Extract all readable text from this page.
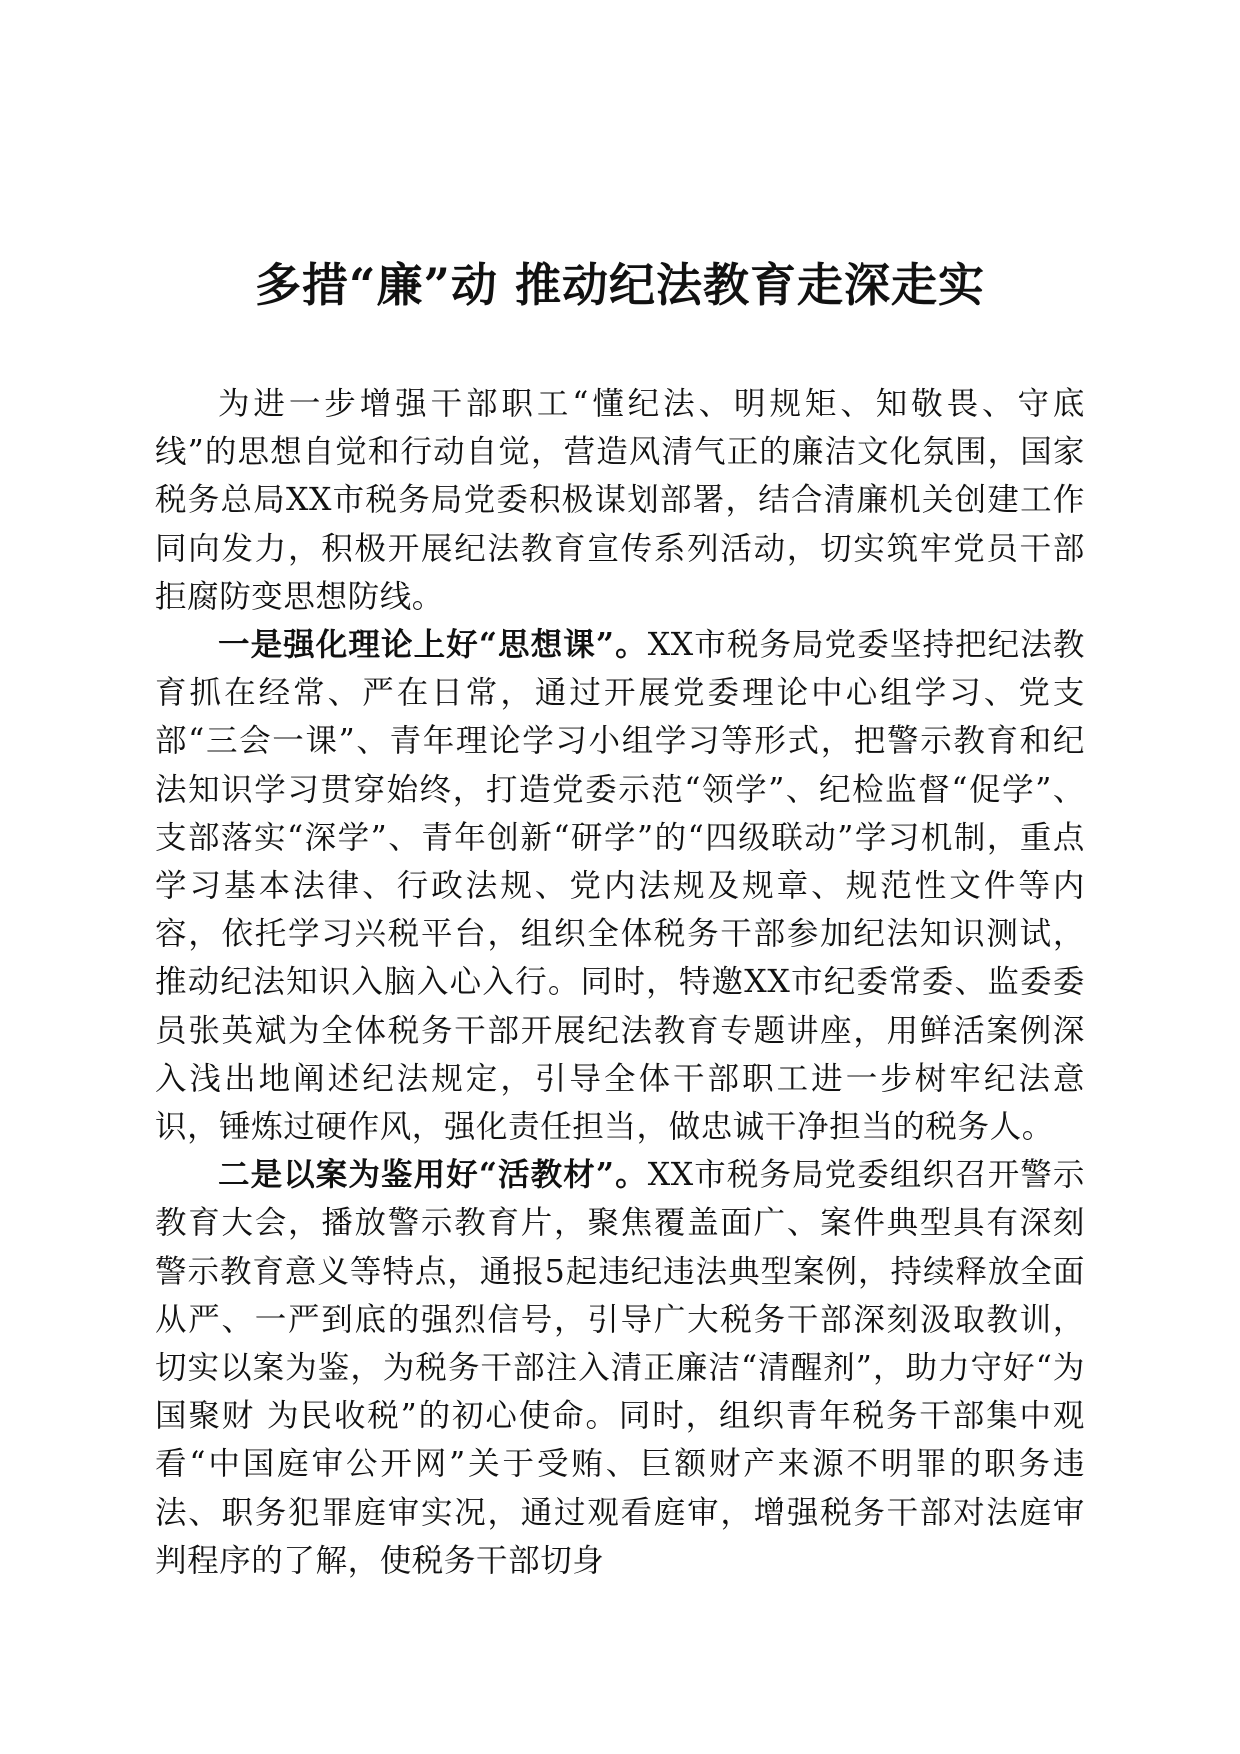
多措“廉”动 推动纪法教育走深走实

为进一步增强干部职工“懂纪法、明规矩、知敬畏、守底线”的思想自觉和行动自觉，营造风清气正的廉洁文化氛围，国家税务总局XX市税务局党委积极谋划部署，结合清廉机关创建工作同向发力，积极开展纪法教育宣传系列活动，切实筑牢党员干部拒腐防变思想防线。

一是强化理论上好“思想课”。XX市税务局党委坚持把纪法教育抓在经常、严在日常，通过开展党委理论中心组学习、党支部“三会一课”、青年理论学习小组学习等形式，把警示教育和纪法知识学习贯穿始终，打造党委示范“领学”、纪检监督“促学”、支部落实“深学”、青年创新“研学”的“四级联动”学习机制，重点学习基本法律、行政法规、党内法规及规章、规范性文件等内容，依托学习兴税平台，组织全体税务干部参加纪法知识测试，推动纪法知识入脑入心入行。同时，特邀XX市纪委常委、监委委员张英斌为全体税务干部开展纪法教育专题讲座，用鲜活案例深入浅出地阐述纪法规定，引导全体干部职工进一步树牢纪法意识，锤炼过硬作风，强化责任担当，做忠诚干净担当的税务人。

二是以案为鉴用好“活教材”。XX市税务局党委组织召开警示教育大会，播放警示教育片，聚焦覆盖面广、案件典型具有深刻警示教育意义等特点，通报5起违纪违法典型案例，持续释放全面从严、一严到底的强烈信号，引导广大税务干部深刻汲取教训，切实以案为鉴，为税务干部注入清正廉洁“清醒剂”，助力守好“为国聚财 为民收税”的初心使命。同时，组织青年税务干部集中观看“中国庭审公开网”关于受贿、巨额财产来源不明罪的职务违法、职务犯罪庭审实况，通过观看庭审，增强税务干部对法庭审判程序的了解，使税务干部切身
